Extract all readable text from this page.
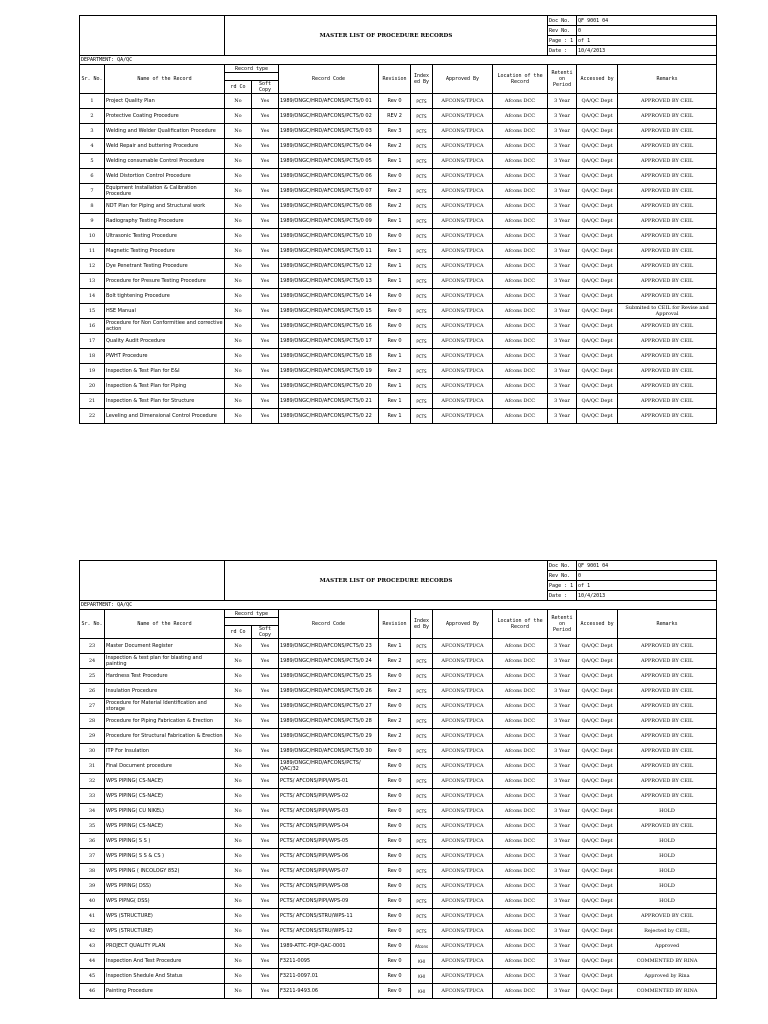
		MASTER LIST OF PROCEDURE RECORDS							Doc No.	QF 9001 04	
									Rev No.	0	
									Page : 1	of 1	
									Date :	10/4/2013	
DEPARTMENT: QA/QC											
Sr. No.	Name of the Record	Record type		Record Code	Revision	Index ed By	Approved By	Location of the Record	Retenti on Period	Accessed by	Remarks

		rd Co	Soft Copy								
1	Project Quality Plan	No	Yes	1989/ONGC/HRD/AFCONS/PCTS/0 01	Rev 0	PCTS	AFCONS/TPI/CA	Afcons DCC	3 Year	QA/QC Dept	APPROVED BY CEIL
2	Protective Coating Procedure	No	Yes	1989/ONGC/HRD/AFCONS/PCTS/0 02	REV 2	PCTS	AFCONS/TPI/CA	Afcons DCC	3 Year	QA/QC Dept	APPROVED BY CEIL
3	Welding and Welder Qualification Procedure	No	Yes	1989/ONGC/HRD/AFCONS/PCTS/0 03	Rev 3	PCTS	AFCONS/TPI/CA	Afcons DCC	3 Year	QA/QC Dept	APPROVED BY CEIL
4	Weld Repair and buttering Procedure	No	Yes	1989/ONGC/HRD/AFCONS/PCTS/0 04	Rev 2	PCTS	AFCONS/TPI/CA	Afcons DCC	3 Year	QA/QC Dept	APPROVED BY CEIL
5	Welding consumable Control Procedure	No	Yes	1989/ONGC/HRD/AFCONS/PCTS/0 05	Rev 1	PCTS	AFCONS/TPI/CA	Afcons DCC	3 Year	QA/QC Dept	APPROVED BY CEIL
6	Weld Distortion Control Procedure	No	Yes	1989/ONGC/HRD/AFCONS/PCTS/0 06	Rev 0	PCTS	AFCONS/TPI/CA	Afcons DCC	3 Year	QA/QC Dept	APPROVED BY CEIL
7	Equipment Installation & Calibration Procedure	No	Yes	1989/ONGC/HRD/AFCONS/PCTS/0 07	Rev 2	PCTS	AFCONS/TPI/CA	Afcons DCC	3 Year	QA/QC Dept	APPROVED BY CEIL
8	NDT Plan for Piping and Structural work	No	Yes	1989/ONGC/HRD/AFCONS/PCTS/0 08	Rev 2	PCTS	AFCONS/TPI/CA	Afcons DCC	3 Year	QA/QC Dept	APPROVED BY CEIL
9	Radiography Testing Procedure	No	Yes	1989/ONGC/HRD/AFCONS/PCTS/0 09	Rev 1	PCTS	AFCONS/TPI/CA	Afcons DCC	3 Year	QA/QC Dept	APPROVED BY CEIL
10	Ultrasonic Testing Procedure	No	Yes	1989/ONGC/HRD/AFCONS/PCTS/0 10	Rev 0	PCTS	AFCONS/TPI/CA	Afcons DCC	3 Year	QA/QC Dept	APPROVED BY CEIL
11	Magnetic Testing Procedure	No	Yes	1989/ONGC/HRD/AFCONS/PCTS/0 11	Rev 1	PCTS	AFCONS/TPI/CA	Afcons DCC	3 Year	QA/QC Dept	APPROVED BY CEIL
12	Dye Penetrant Testing Procedure	No	Yes	1989/ONGC/HRD/AFCONS/PCTS/0 12	Rev 1	PCTS	AFCONS/TPI/CA	Afcons DCC	3 Year	QA/QC Dept	APPROVED BY CEIL
13	Procedure for Presure Testing Procedure	No	Yes	1989/ONGC/HRD/AFCONS/PCTS/0 13	Rev 1	PCTS	AFCONS/TPI/CA	Afcons DCC	3 Year	QA/QC Dept	APPROVED BY CEIL
14	Bolt tightening Procedure	No	Yes	1989/ONGC/HRD/AFCONS/PCTS/0 14	Rev 0	PCTS	AFCONS/TPI/CA	Afcons DCC	3 Year	QA/QC Dept	APPROVED BY CEIL
15	HSE Manual	No	Yes	1989/ONGC/HRD/AFCONS/PCTS/0 15	Rev 0	PCTS	AFCONS/TPI/CA	Afcons DCC	3 Year	QA/QC Dept	Submited to CEIL for Revise and Approval
16	Procedure for Non Conformitiee and corrective action	No	Yes	1989/ONGC/HRD/AFCONS/PCTS/0 16	Rev 0	PCTS	AFCONS/TPI/CA	Afcons DCC	3 Year	QA/QC Dept	APPROVED BY CEIL
17	Quality Audit Procedure	No	Yes	1989/ONGC/HRD/AFCONS/PCTS/0 17	Rev 0	PCTS	AFCONS/TPI/CA	Afcons DCC	3 Year	QA/QC Dept	APPROVED BY CEIL
18	PWHT Procedure	No	Yes	1989/ONGC/HRD/AFCONS/PCTS/0 18	Rev 1	PCTS	AFCONS/TPI/CA	Afcons DCC	3 Year	QA/QC Dept	APPROVED BY CEIL
19	Inspection & Test Plan for E&I	No	Yes	1989/ONGC/HRD/AFCONS/PCTS/0 19	Rev 2	PCTS	AFCONS/TPI/CA	Afcons DCC	3 Year	QA/QC Dept	APPROVED BY CEIL
20	Inspection & Test Plan for Piping	No	Yes	1989/ONGC/HRD/AFCONS/PCTS/0 20	Rev 1	PCTS	AFCONS/TPI/CA	Afcons DCC	3 Year	QA/QC Dept	APPROVED BY CEIL
21	Inspection & Test Plan for Structure	No	Yes	1989/ONGC/HRD/AFCONS/PCTS/0 21	Rev 1	PCTS	AFCONS/TPI/CA	Afcons DCC	3 Year	QA/QC Dept	APPROVED BY CEIL
22	Leveling and Dimensional Control Procedure	No	Yes	1989/ONGC/HRD/AFCONS/PCTS/0 22	Rev 1	PCTS	AFCONS/TPI/CA	Afcons DCC	3 Year	QA/QC Dept	APPROVED BY CEIL
		MASTER LIST OF PROCEDURE RECORDS							Doc No.	QF 9001 04	
									Rev No.	0	
									Page : 1	of 1	
									Date :	10/4/2013	
DEPARTMENT: QA/QC											
Sr. No.	Name of the Record	Record type		Record Code	Revision	Index ed By	Approved By	Location of the Record	Retenti on Period	Accessed by	Remarks

		rd Co	Soft Copy								
23	Master Document Register	No	Yes	1989/ONGC/HRD/AFCONS/PCTS/0 23	Rev 1	PCTS	AFCONS/TPI/CA	Afcons DCC	3 Year	QA/QC Dept	APPROVED BY CEIL
24	Inspection & test plan for blasting and painting	No	Yes	1989/ONGC/HRD/AFCONS/PCTS/0 24	Rev 2	PCTS	AFCONS/TPI/CA	Afcons DCC	3 Year	QA/QC Dept	APPROVED BY CEIL
25	Hardness Test Procedure	No	Yes	1989/ONGC/HRD/AFCONS/PCTS/0 25	Rev 0	PCTS	AFCONS/TPI/CA	Afcons DCC	3 Year	QA/QC Dept	APPROVED BY CEIL
26	Insulation Procedure	No	Yes	1989/ONGC/HRD/AFCONS/PCTS/0 26	Rev 2	PCTS	AFCONS/TPI/CA	Afcons DCC	3 Year	QA/QC Dept	APPROVED BY CEIL
27	Procedure for Material Identification and storage	No	Yes	1989/ONGC/HRD/AFCONS/PCTS/0 27	Rev 0	PCTS	AFCONS/TPI/CA	Afcons DCC	3 Year	QA/QC Dept	APPROVED BY CEIL
28	Procedure for Piping Fabrication & Erection	No	Yes	1989/ONGC/HRD/AFCONS/PCTS/0 28	Rev 2	PCTS	AFCONS/TPI/CA	Afcons DCC	3 Year	QA/QC Dept	APPROVED BY CEIL
29	Procedure for Structural Fabrication & Erection	No	Yes	1989/ONGC/HRD/AFCONS/PCTS/0 29	Rev 2	PCTS	AFCONS/TPI/CA	Afcons DCC	3 Year	QA/QC Dept	APPROVED BY CEIL
30	ITP For Insulation	No	Yes	1989/ONGC/HRD/AFCONS/PCTS/0 30	Rev 0	PCTS	AFCONS/TPI/CA	Afcons DCC	3 Year	QA/QC Dept	APPROVED BY CEIL
31	Final Document procedure	No	Yes	1989/ONGC/HRD/AFCONS/PCTS/ QAC/32	Rev 0	PCTS	AFCONS/TPI/CA	Afcons DCC	3 Year	QA/QC Dept	APPROVED BY CEIL
32	WPS PIPING( CS-NACE)	No	Yes	PCTS/ AFCONS/PIPI/WPS-01	Rev 0	PCTS	AFCONS/TPI/CA	Afcons DCC	3 Year	QA/QC Dept	APPROVED BY CEIL
33	WPS PIPING( CS-NACE)	No	Yes	PCTS/ AFCONS/PIPI/WPS-02	Rev 0	PCTS	AFCONS/TPI/CA	Afcons DCC	3 Year	QA/QC Dept	APPROVED BY CEIL
34	WPS PIPING( CU NIKEL)	No	Yes	PCTS/ AFCONS/PIPI/WPS-03	Rev 0	PCTS	AFCONS/TPI/CA	Afcons DCC	3 Year	QA/QC Dept	HOLD
35	WPS PIPING( CS-NACE)	No	Yes	PCTS/ AFCONS/PIPI/WPS-04	Rev 0	PCTS	AFCONS/TPI/CA	Afcons DCC	3 Year	QA/QC Dept	APPROVED BY CEIL
36	WPS PIPING( S S )	No	Yes	PCTS/ AFCONS/PIPI/WPS-05	Rev 0	PCTS	AFCONS/TPI/CA	Afcons DCC	3 Year	QA/QC Dept	HOLD
37	WPS PIPING( S S & CS )	No	Yes	PCTS/ AFCONS/PIPI/WPS-06	Rev 0	PCTS	AFCONS/TPI/CA	Afcons DCC	3 Year	QA/QC Dept	HOLD
38	WPS PIPING ( INCOLOGY 852)	No	Yes	PCTS/ AFCONS/PIPI/WPS-07	Rev 0	PCTS	AFCONS/TPI/CA	Afcons DCC	3 Year	QA/QC Dept	HOLD
39	WPS PIPING( DSS)	No	Yes	PCTS/ AFCONS/PIPI/WPS-08	Rev 0	PCTS	AFCONS/TPI/CA	Afcons DCC	3 Year	QA/QC Dept	HOLD
40	WPS PIPNG( DSS)	No	Yes	PCTS/ AFCONS/PIPI/WPS-09	Rev 0	PCTS	AFCONS/TPI/CA	Afcons DCC	3 Year	QA/QC Dept	HOLD
41	WPS (STRUCTURE)	No	Yes	PCTS/ AFCONS/STRU/WPS-11	Rev 0	PCTS	AFCONS/TPI/CA	Afcons DCC	3 Year	QA/QC Dept	APPROVED BY CEIL
42	WPS (STRUCTURE)	No	Yes	PCTS/ AFCONS/STRU/WPS-12	Rev 0	PCTS	AFCONS/TPI/CA	Afcons DCC	3 Year	QA/QC Dept	Rejected by CEIL;
43	PROJECT QUALITY PLAN	No	Yes	1989-ATTC-PQP-QAC-0001	Rev 0	Afcons	AFCONS/TPI/CA	Afcons DCC	3 Year	QA/QC Dept	Approved
44	Inspection And Test Procedure	No	Yes	F3211-0095	Rev 0	KHI	AFCONS/TPI/CA	Afcons DCC	3 Year	QA/QC Dept	COMMENTED BY RINA
45	Inspection Shedule And Status	No	Yes	F3211-0097.01	Rev 0	KHI	AFCONS/TPI/CA	Afcons DCC	3 Year	QA/QC Dept	Approved by Rina
46	Painting Procedure	No	Yes	F3211-9493.06	Rev 0	KHI	AFCONS/TPI/CA	Afcons DCC	3 Year	QA/QC Dept	COMMENTED BY RINA
